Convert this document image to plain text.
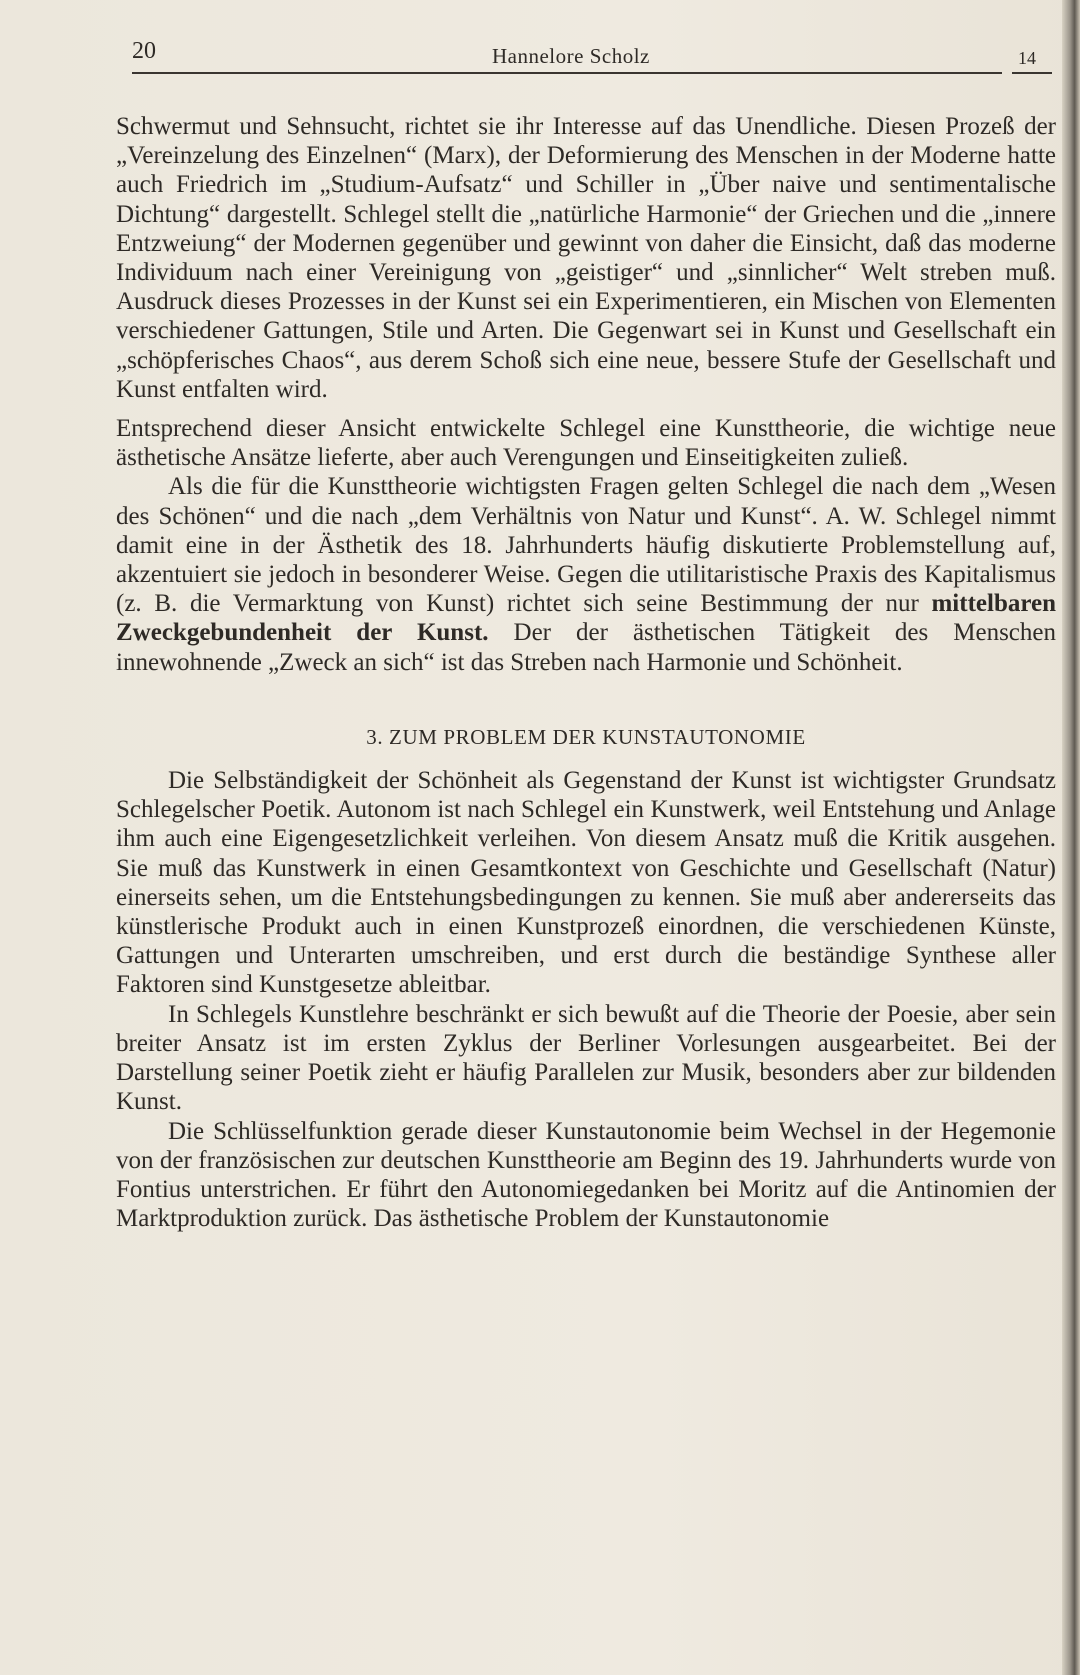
20	Hannelore Scholz	14

Schwermut und Sehnsucht, richtet sie ihr Interesse auf das Unendliche. Diesen Prozeß der „Vereinzelung des Einzelnen“ (Marx), der Deformierung des Menschen in der Moderne hatte auch Friedrich im „Studium-Aufsatz“ und Schiller in „Über naive und sentimentalische Dichtung“ dargestellt. Schlegel stellt die „natürliche Harmonie“ der Griechen und die „innere Entzweiung“ der Modernen gegenüber und gewinnt von daher die Einsicht, daß das moderne Individuum nach einer Vereinigung von „geistiger“ und „sinnlicher“ Welt streben muß. Ausdruck dieses Prozesses in der Kunst sei ein Experimentieren, ein Mischen von Elementen verschiedener Gattungen, Stile und Arten. Die Gegenwart sei in Kunst und Gesellschaft ein „schöpferisches Chaos“, aus derem Schoß sich eine neue, bessere Stufe der Gesellschaft und Kunst entfalten wird.

Entsprechend dieser Ansicht entwickelte Schlegel eine Kunsttheorie, die wichtige neue ästhetische Ansätze lieferte, aber auch Verengungen und Einseitigkeiten zuließ.

Als die für die Kunsttheorie wichtigsten Fragen gelten Schlegel die nach dem „Wesen des Schönen“ und die nach „dem Verhältnis von Natur und Kunst“. A. W. Schlegel nimmt damit eine in der Ästhetik des 18. Jahrhunderts häufig diskutierte Problemstellung auf, akzentuiert sie jedoch in besonderer Weise. Gegen die utilitaristische Praxis des Kapitalismus (z. B. die Vermarktung von Kunst) richtet sich seine Bestimmung der nur mittelbaren Zweckgebundenheit der Kunst. Der der ästhetischen Tätigkeit des Menschen innewohnende „Zweck an sich“ ist das Streben nach Harmonie und Schönheit.

3. ZUM PROBLEM DER KUNSTAUTONOMIE

Die Selbständigkeit der Schönheit als Gegenstand der Kunst ist wichtigster Grundsatz Schlegelscher Poetik. Autonom ist nach Schlegel ein Kunstwerk, weil Entstehung und Anlage ihm auch eine Eigengesetzlichkeit verleihen. Von diesem Ansatz muß die Kritik ausgehen. Sie muß das Kunstwerk in einen Gesamtkontext von Geschichte und Gesellschaft (Natur) einerseits sehen, um die Entstehungsbedingungen zu kennen. Sie muß aber andererseits das künstlerische Produkt auch in einen Kunstprozeß einordnen, die verschiedenen Künste, Gattungen und Unterarten umschreiben, und erst durch die beständige Synthese aller Faktoren sind Kunstgesetze ableitbar.

In Schlegels Kunstlehre beschränkt er sich bewußt auf die Theorie der Poesie, aber sein breiter Ansatz ist im ersten Zyklus der Berliner Vorlesungen ausgearbeitet. Bei der Darstellung seiner Poetik zieht er häufig Parallelen zur Musik, besonders aber zur bildenden Kunst.

Die Schlüsselfunktion gerade dieser Kunstautonomie beim Wechsel in der Hegemonie von der französischen zur deutschen Kunsttheorie am Beginn des 19. Jahrhunderts wurde von Fontius unterstrichen. Er führt den Autonomiegedanken bei Moritz auf die Antinomien der Marktproduktion zurück. Das ästhetische Problem der Kunstautonomie
